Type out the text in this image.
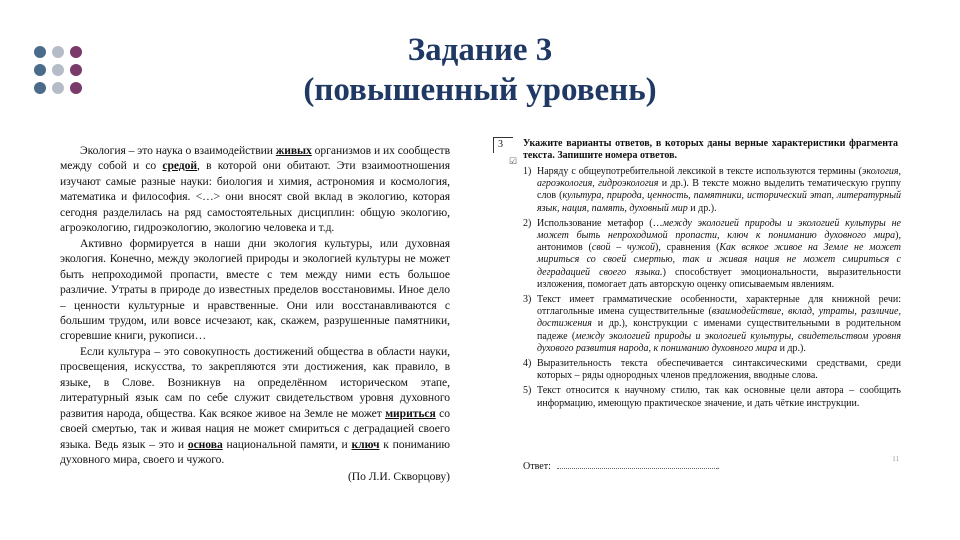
Задание 3
(повышенный уровень)

Экология – это наука о взаимодействии живых организмов и их сообществ между собой и со средой, в которой они обитают. Эти взаимоотношения изучают самые разные науки: биология и химия, астрономия и космология, математика и философия. <…> они вносят свой вклад в экологию, которая сегодня разделилась на ряд самостоятельных дисциплин: общую экологию, агроэкологию, гидроэкологию, экологию человека и т.д.

Активно формируется в наши дни экология культуры, или духовная экология. Конечно, между экологией природы и экологией культуры не может быть непроходимой пропасти, вместе с тем между ними есть большое различие. Утраты в природе до известных пределов восстановимы. Иное дело – ценности культурные и нравственные. Они или восстанавливаются с большим трудом, или вовсе исчезают, как, скажем, разрушенные памятники, сгоревшие книги, рукописи…

Если культура – это совокупность достижений общества в области науки, просвещения, искусства, то закрепляются эти достижения, как правило, в языке, в Слове. Возникнув на определённом историческом этапе, литературный язык сам по себе служит свидетельством уровня духовного развития народа, общества. Как всякое живое на Земле не может мириться со своей смертью, так и живая нация не может смириться с деградацией своего языка. Ведь язык – это и основа национальной памяти, и ключ к пониманию духовного мира, своего и чужого.

(По Л.И. Скворцову)
3
☑
Укажите варианты ответов, в которых даны верные характеристики фрагмента текста. Запишите номера ответов.
1) Наряду с общеупотребительной лексикой в тексте используются термины (экология, агроэкология, гидроэкология и др.). В тексте можно выделить тематическую группу слов (культура, природа, ценность, памятники, исторический этап, литературный язык, нация, память, духовный мир и др.).
2) Использование метафор (…между экологией природы и экологией культуры не может быть непроходимой пропасти, ключ к пониманию духовного мира), антонимов (свой – чужой), сравнения (Как всякое живое на Земле не может мириться со своей смертью, так и живая нация не может смириться с деградацией своего языка.) способствует эмоциональности, выразительности изложения, помогает дать авторскую оценку описываемым явлениям.
3) Текст имеет грамматические особенности, характерные для книжной речи: отглагольные имена существительные (взаимодействие, вклад, утраты, различие, достижения и др.), конструкции с именами существительными в родительном падеже (между экологией природы и экологией культуры, свидетельством уровня духового развития народа, к пониманию духовного мира и др.).
4) Выразительность текста обеспечивается синтаксическими средствами, среди которых – ряды однородных членов предложения, вводные слова.
5) Текст относится к научному стилю, так как основные цели автора – сообщить информацию, имеющую практическое значение, и дать чёткие инструкции.
Ответ:	.
11
